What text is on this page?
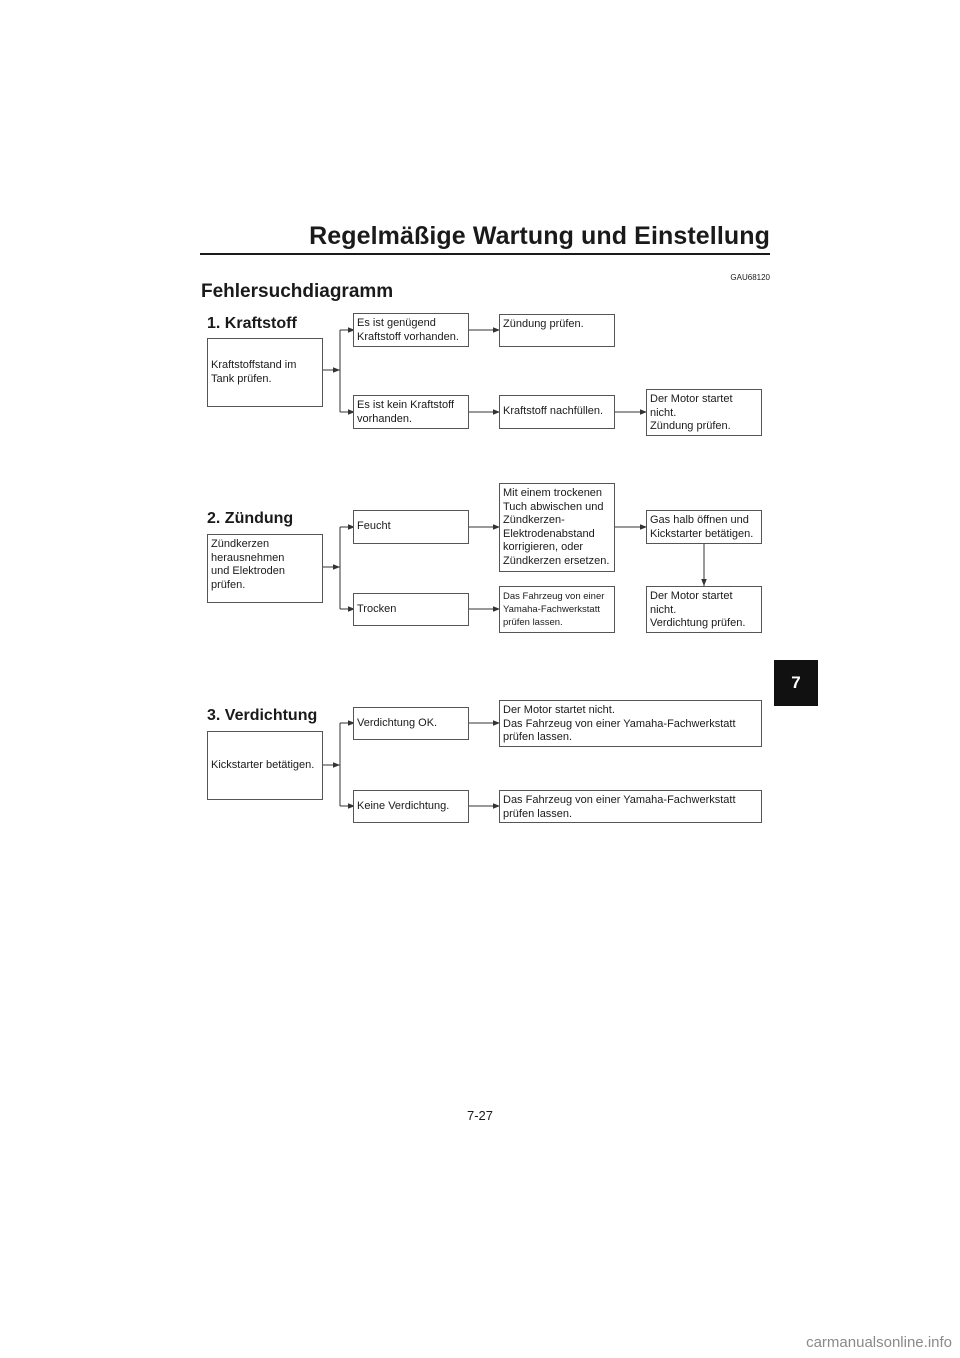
Regelmäßige Wartung und Einstellung
Fehlersuchdiagramm
GAU68120
7
1. Kraftstoff
Kraftstoffstand im
Tank prüfen.
Es ist genügend
Kraftstoff vorhanden.
Zündung prüfen.
Es ist kein Kraftstoff
vorhanden.
Kraftstoff nachfüllen.
Der Motor startet
nicht.
Zündung prüfen.
2. Zündung
Zündkerzen
herausnehmen
und Elektroden
prüfen.
Feucht
Mit einem trockenen
Tuch abwischen und
Zündkerzen-
Elektrodenabstand
korrigieren, oder
Zündkerzen ersetzen.
Gas halb öffnen und
Kickstarter betätigen.
Der Motor startet
nicht.
Verdichtung prüfen.
Trocken
Das Fahrzeug von einer
Yamaha-Fachwerkstatt
prüfen lassen.
3. Verdichtung
Kickstarter betätigen.
Verdichtung OK.
Der Motor startet nicht.
Das Fahrzeug von einer Yamaha-Fachwerkstatt
prüfen lassen.
Keine Verdichtung.	Das Fahrzeug von einer Yamaha-Fachwerkstatt
prüfen lassen.
7-27
carmanualsonline.info
